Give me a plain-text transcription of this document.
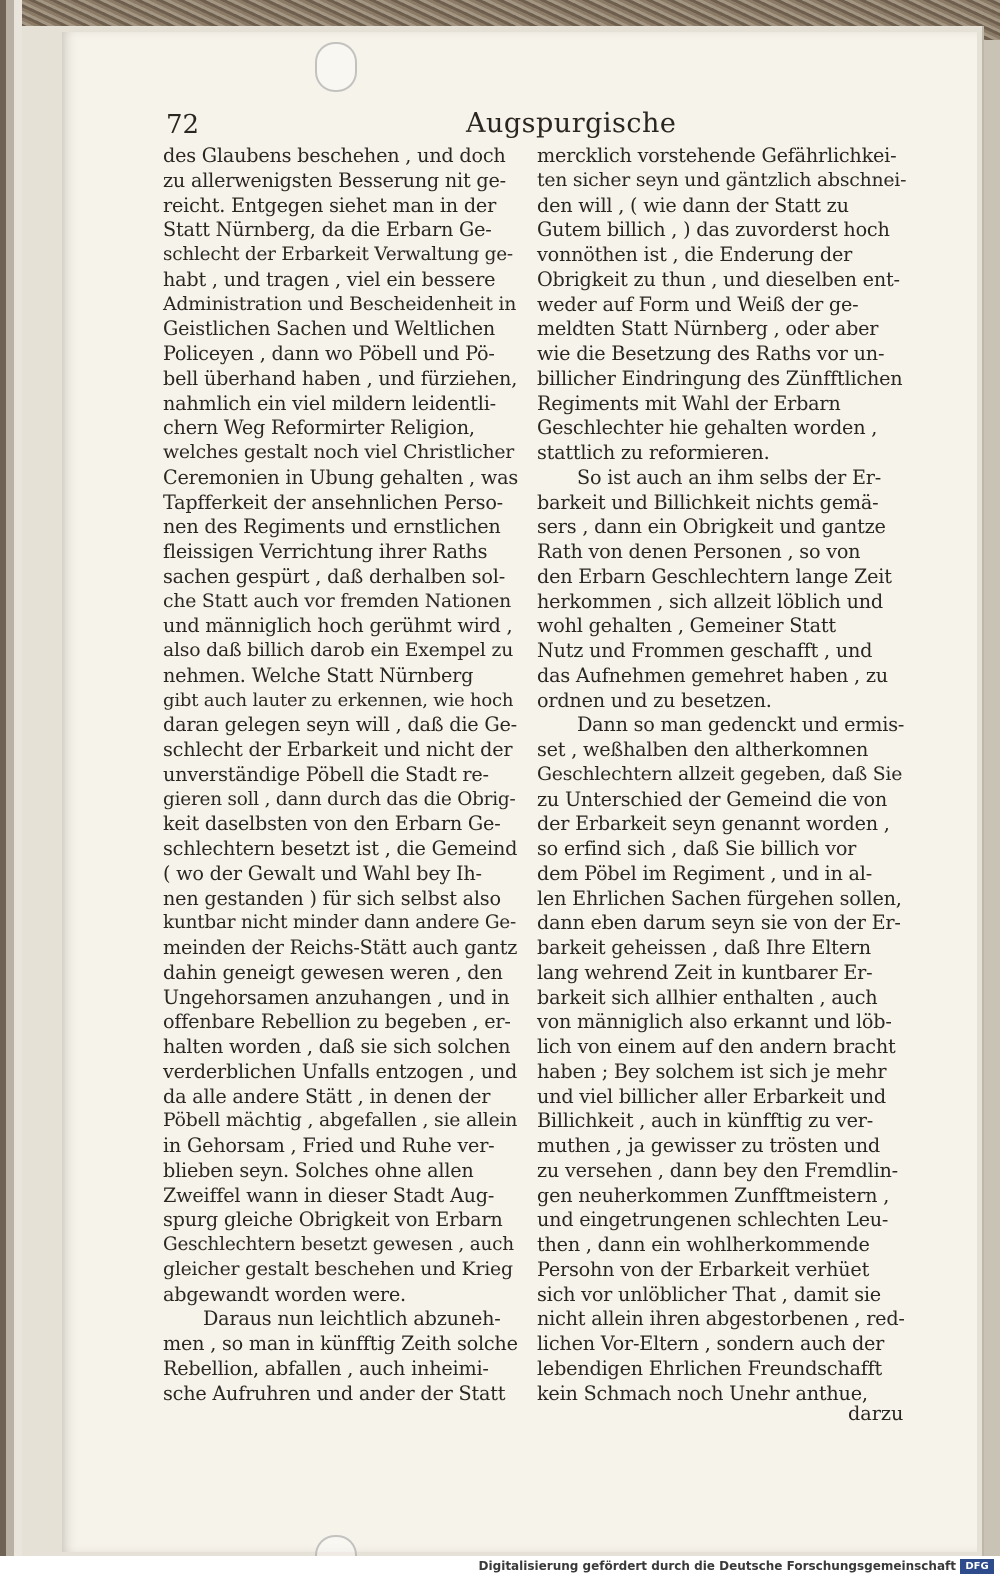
72	Augspurgische
des Glaubens beschehen , und doch
zu allerwenigsten Besserung nit ge-
reicht. Entgegen siehet man in der
Statt Nürnberg, da die Erbarn Ge-
schlecht der Erbarkeit Verwaltung ge-
habt , und tragen , viel ein bessere
Administration und Bescheidenheit in
Geistlichen Sachen und Weltlichen
Policeyen , dann wo Pöbell und Pö-
bell überhand haben , und fürziehen,
nahmlich ein viel mildern leidentli-
chern Weg Reformirter Religion,
welches gestalt noch viel Christlicher
Ceremonien in Ubung gehalten , was
Tapfferkeit der ansehnlichen Perso-
nen des Regiments und ernstlichen
fleissigen Verrichtung ihrer Raths
sachen gespürt , daß derhalben sol-
che Statt auch vor fremden Nationen
und männiglich hoch gerühmt wird ,
also daß billich darob ein Exempel zu
nehmen. Welche Statt Nürnberg
gibt auch lauter zu erkennen, wie hoch
daran gelegen seyn will , daß die Ge-
schlecht der Erbarkeit und nicht der
unverständige Pöbell die Stadt re-
gieren soll , dann durch das die Obrig-
keit daselbsten von den Erbarn Ge-
schlechtern besetzt ist , die Gemeind
( wo der Gewalt und Wahl bey Ih-
nen gestanden ) für sich selbst also
kuntbar nicht minder dann andere Ge-
meinden der Reichs-Stätt auch gantz
dahin geneigt gewesen weren , den
Ungehorsamen anzuhangen , und in
offenbare Rebellion zu begeben , er-
halten worden , daß sie sich solchen
verderblichen Unfalls entzogen , und
da alle andere Stätt , in denen der
Pöbell mächtig , abgefallen , sie allein
in Gehorsam , Fried und Ruhe ver-
blieben seyn. Solches ohne allen
Zweiffel wann in dieser Stadt Aug-
spurg gleiche Obrigkeit von Erbarn
Geschlechtern besetzt gewesen , auch
gleicher gestalt beschehen und Krieg
abgewandt worden were.
Daraus nun leichtlich abzuneh-
men , so man in künfftig Zeith solche
Rebellion, abfallen , auch inheimi-
sche Aufruhren und ander der Statt
mercklich vorstehende Gefährlichkei-
ten sicher seyn und gäntzlich abschnei-
den will , ( wie dann der Statt zu
Gutem billich , ) das zuvorderst hoch
vonnöthen ist , die Enderung der
Obrigkeit zu thun , und dieselben ent-
weder auf Form und Weiß der ge-
meldten Statt Nürnberg , oder aber
wie die Besetzung des Raths vor un-
billicher Eindringung des Zünfftlichen
Regiments mit Wahl der Erbarn
Geschlechter hie gehalten worden ,
stattlich zu reformieren.
So ist auch an ihm selbs der Er-
barkeit und Billichkeit nichts gemä-
sers , dann ein Obrigkeit und gantze
Rath von denen Personen , so von
den Erbarn Geschlechtern lange Zeit
herkommen , sich allzeit löblich und
wohl gehalten , Gemeiner Statt
Nutz und Frommen geschafft , und
das Aufnehmen gemehret haben , zu
ordnen und zu besetzen.
Dann so man gedenckt und ermis-
set , weßhalben den altherkomnen
Geschlechtern allzeit gegeben, daß Sie
zu Unterschied der Gemeind die von
der Erbarkeit seyn genannt worden ,
so erfind sich , daß Sie billich vor
dem Pöbel im Regiment , und in al-
len Ehrlichen Sachen fürgehen sollen,
dann eben darum seyn sie von der Er-
barkeit geheissen , daß Ihre Eltern
lang wehrend Zeit in kuntbarer Er-
barkeit sich allhier enthalten , auch
von männiglich also erkannt und löb-
lich von einem auf den andern bracht
haben ; Bey solchem ist sich je mehr
und viel billicher aller Erbarkeit und
Billichkeit , auch in künfftig zu ver-
muthen , ja gewisser zu trösten und
zu versehen , dann bey den Fremdlin-
gen neuherkommen Zunfftmeistern ,
und eingetrungenen schlechten Leu-
then , dann ein wohlherkommende
Persohn von der Erbarkeit verhüet
sich vor unlöblicher That , damit sie
nicht allein ihren abgestorbenen , red-
lichen Vor-Eltern , sondern auch der
lebendigen Ehrlichen Freundschafft
kein Schmach noch Unehr anthue,
darzu
Digitalisierung gefördert durch die Deutsche Forschungsgemeinschaft DFG
